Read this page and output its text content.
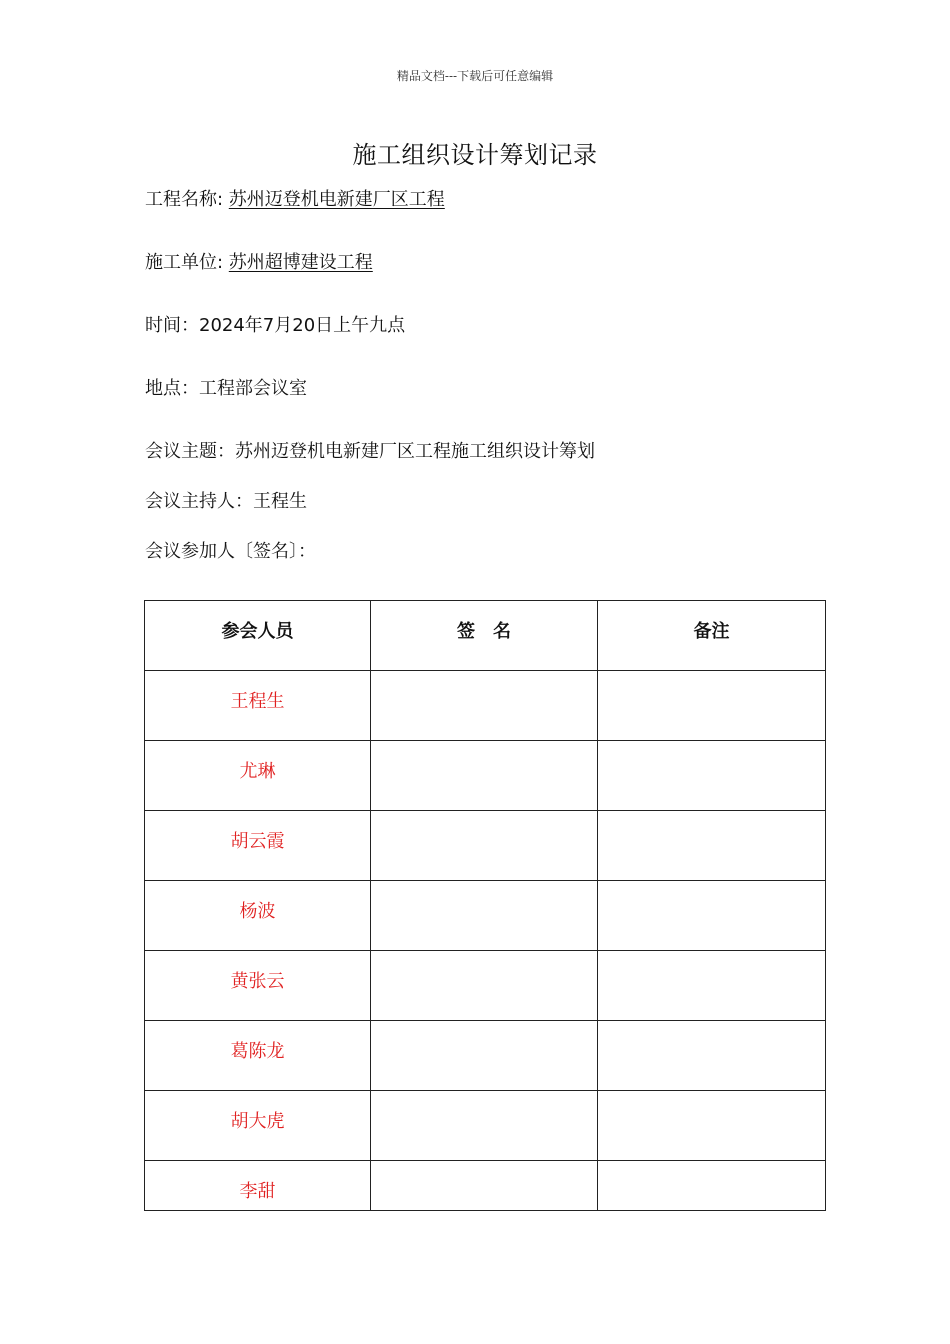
精品文档---下载后可任意编辑
施工组织设计筹划记录
工程名称: 苏州迈登机电新建厂区工程
施工单位: 苏州超博建设工程
时间：2024年7月20日上午九点
地点：工程部会议室
会议主题：苏州迈登机电新建厂区工程施工组织设计筹划
会议主持人：王程生
会议参加人〔签名〕：
参会人员	签　名	备注
王程生		
尤琳		
胡云霞		
杨波		
黄张云		
葛陈龙		
胡大虎		
李甜		
